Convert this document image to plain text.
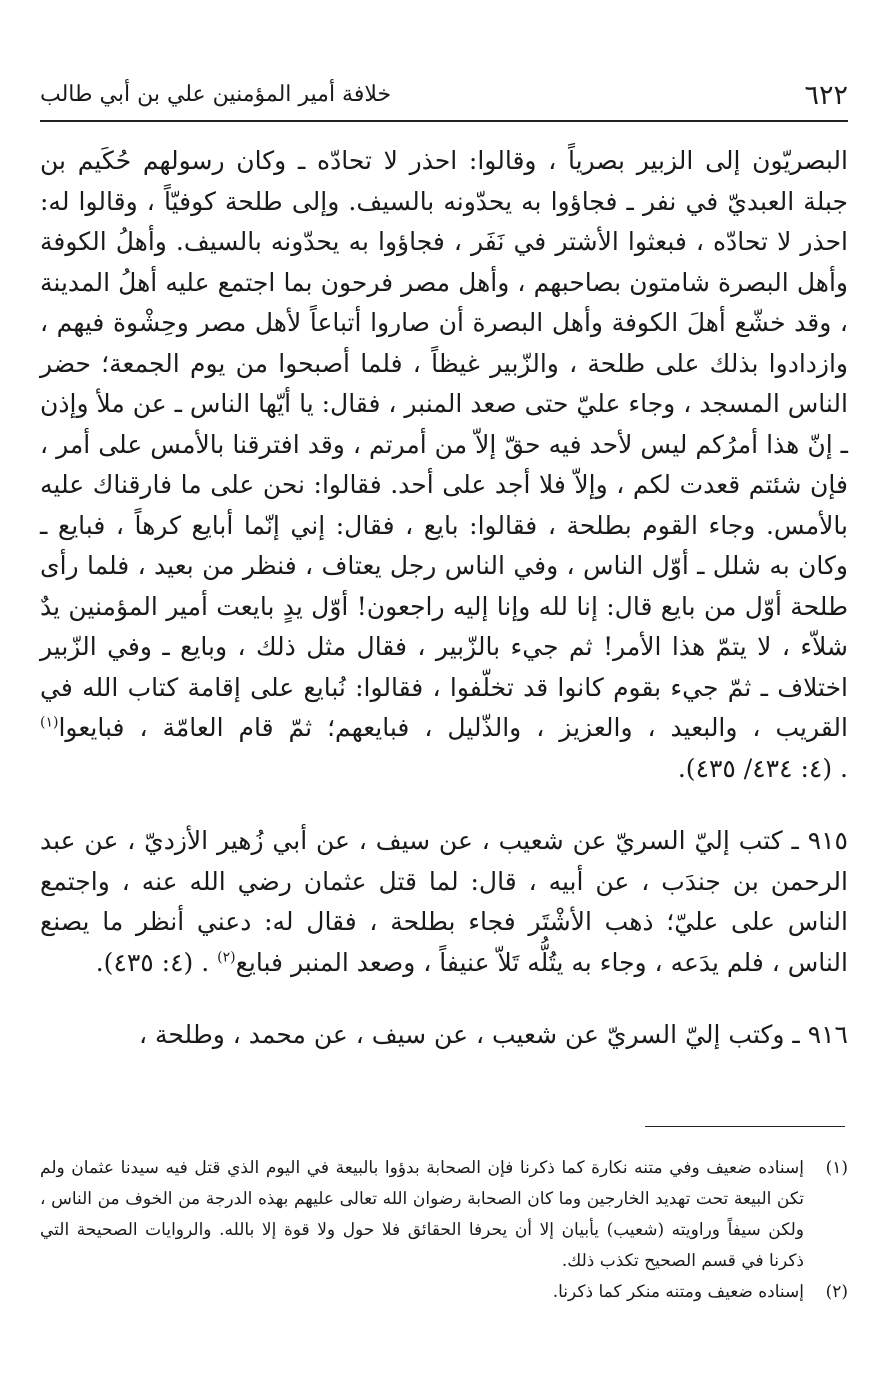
٦٢٢
خلافة أمير المؤمنين علي بن أبي طالب

البصريّون إلى الزبير بصرياً ، وقالوا: احذر لا تحادّه ـ وكان رسولهم حُكَيم بن جبلة العبديّ في نفر ـ فجاؤوا به يحدّونه بالسيف. وإلى طلحة كوفيّاً ، وقالوا له: احذر لا تحادّه ، فبعثوا الأشتر في نَفَر ، فجاؤوا به يحدّونه بالسيف. وأهلُ الكوفة وأهل البصرة شامتون بصاحبهم ، وأهل مصر فرحون بما اجتمع عليه أهلُ المدينة ، وقد خشّع أهلَ الكوفة وأهل البصرة أن صاروا أتباعاً لأهل مصر وحِشْوة فيهم ، وازدادوا بذلك على طلحة ، والزّبير غيظاً ، فلما أصبحوا من يوم الجمعة؛ حضر الناس المسجد ، وجاء عليّ حتى صعد المنبر ، فقال: يا أيّها الناس ـ عن ملأ وإذن ـ إنّ هذا أمرُكم ليس لأحد فيه حقّ إلاّ من أمرتم ، وقد افترقنا بالأمس على أمر ، فإن شئتم قعدت لكم ، وإلاّ فلا أجد على أحد. فقالوا: نحن على ما فارقناك عليه بالأمس. وجاء القوم بطلحة ، فقالوا: بايع ، فقال: إني إنّما أبايع كرهاً ، فبايع ـ وكان به شلل ـ أوّل الناس ، وفي الناس رجل يعتاف ، فنظر من بعيد ، فلما رأى طلحة أوّل من بايع قال: إنا لله وإنا إليه راجعون! أوّل يدٍ بايعت أمير المؤمنين يدٌ شلاّء ، لا يتمّ هذا الأمر! ثم جيء بالزّبير ، فقال مثل ذلك ، وبايع ـ وفي الزّبير اختلاف ـ ثمّ جيء بقوم كانوا قد تخلّفوا ، فقالوا: نُبايع على إقامة كتاب الله في القريب ، والبعيد ، والعزيز ، والذّليل ، فبايعهم؛ ثمّ قام العامّة ، فبايعوا$^{(١)}$ . (٤: ٤٣٤/ ٤٣٥).

٩١٥ ـ كتب إليّ السريّ عن شعيب ، عن سيف ، عن أبي زُهير الأزديّ ، عن عبد الرحمن بن جندَب ، عن أبيه ، قال: لما قتل عثمان رضي الله عنه ، واجتمع الناس على عليّ؛ ذهب الأشْتَر فجاء بطلحة ، فقال له: دعني أنظر ما يصنع الناس ، فلم يدَعه ، وجاء به يتُلُّه تَلاّ عنيفاً ، وصعد المنبر فبايع$^{(٢)}$ . (٤: ٤٣٥).

٩١٦ ـ وكتب إليّ السريّ عن شعيب ، عن سيف ، عن محمد ، وطلحة ،

(١)
إسناده ضعيف وفي متنه نكارة كما ذكرنا فإن الصحابة بدؤوا بالبيعة في اليوم الذي قتل فيه سيدنا عثمان ولم تكن البيعة تحت تهديد الخارجين وما كان الصحابة رضوان الله تعالى عليهم بهذه الدرجة من الخوف من الناس ، ولكن سيفاً وراويته (شعيب) يأبيان إلا أن يحرفا الحقائق فلا حول ولا قوة إلا بالله. والروايات الصحيحة التي ذكرنا في قسم الصحيح تكذب ذلك.
(٢)
إسناده ضعيف ومتنه منكر كما ذكرنا.
